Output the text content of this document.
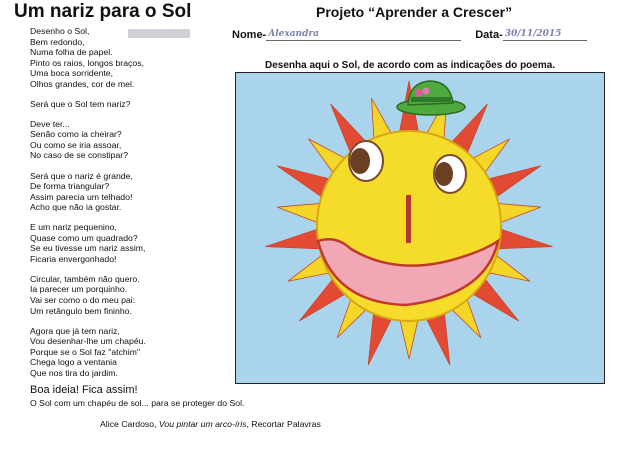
Um nariz para o Sol	Projeto “Aprender a Crescer”
Nome- Alexandra	Data- 30/11/2015
Desenho o Sol,
Bem redondo,
Numa folha de papel.
Pinto os raios, longos braços,
Uma boca sorridente,
Olhos grandes, cor de mel.
Será que o Sol tem nariz?
Deve ter...
Senão como ia cheirar?
Ou como se iria assoar,
No caso de se constipar?
Será que o nariz é grande,
De forma triangular?
Assim parecia um telhado!
Acho que não ia gostar.
E um nariz pequenino,
Quase como um quadrado?
Se eu tivesse um nariz assim,
Ficaria envergonhado!
Circular, também não quero.
Ia parecer um porquinho.
Vai ser como o do meu pai:
Um retângulo bem fininho.
Agora que já tem nariz,
Vou desenhar-lhe um chapéu.
Porque se o Sol faz "atchim"
Chega logo a ventania
Que nos tira do jardim.
Desenha aqui o Sol, de acordo com as indicações do poema.
Boa ideia! Fica assim!
O Sol com um chapéu de sol... para se proteger do Sol.
Alice Cardoso, Vou pintar um arco-íris, Recortar Palavras
